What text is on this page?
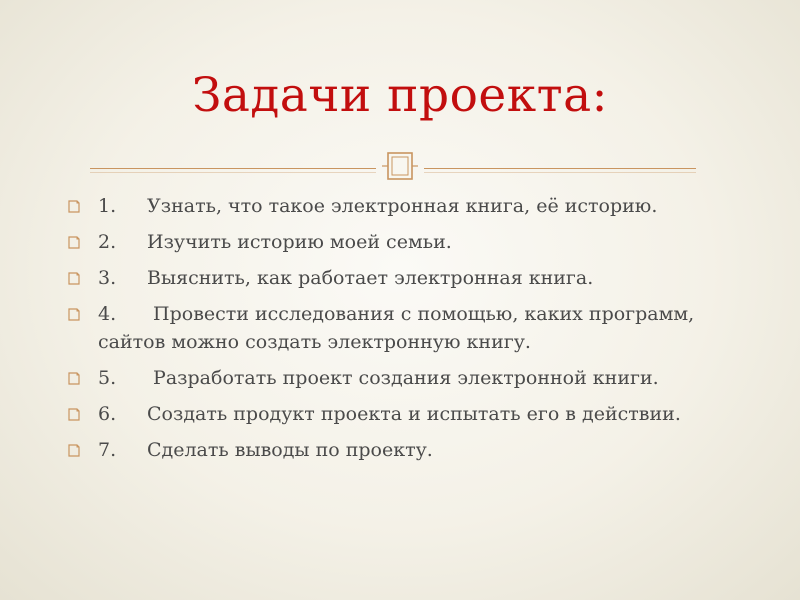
Задачи проекта:
1. Узнать, что такое электронная книга, её историю.
2. Изучить историю моей семьи.
3. Выяснить, как работает электронная книга.
4. Провести исследования с помощью, каких программ, сайтов можно создать электронную книгу.
5. Разработать проект создания электронной книги.
6. Создать продукт проекта и испытать его в действии.
7. Сделать выводы по проекту.
